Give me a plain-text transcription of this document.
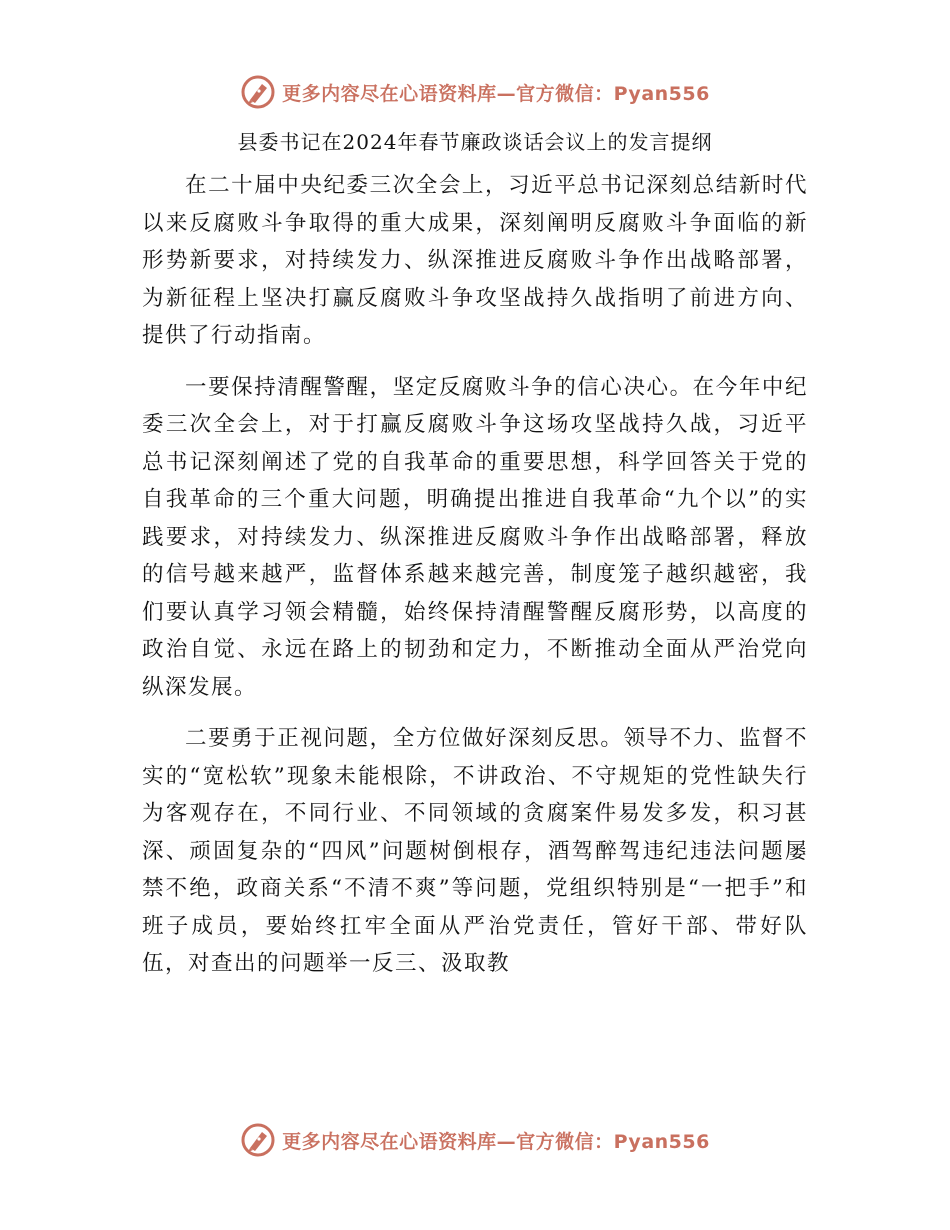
更多内容尽在心语资料库—官方微信：Pyan556
县委书记在2024年春节廉政谈话会议上的发言提纲

在二十届中央纪委三次全会上，习近平总书记深刻总结新时代以来反腐败斗争取得的重大成果，深刻阐明反腐败斗争面临的新形势新要求，对持续发力、纵深推进反腐败斗争作出战略部署，为新征程上坚决打赢反腐败斗争攻坚战持久战指明了前进方向、提供了行动指南。

一要保持清醒警醒，坚定反腐败斗争的信心决心。在今年中纪委三次全会上，对于打赢反腐败斗争这场攻坚战持久战，习近平总书记深刻阐述了党的自我革命的重要思想，科学回答关于党的自我革命的三个重大问题，明确提出推进自我革命“九个以”的实践要求，对持续发力、纵深推进反腐败斗争作出战略部署，释放的信号越来越严，监督体系越来越完善，制度笼子越织越密，我们要认真学习领会精髓，始终保持清醒警醒反腐形势，以高度的政治自觉、永远在路上的韧劲和定力，不断推动全面从严治党向纵深发展。

二要勇于正视问题，全方位做好深刻反思。领导不力、监督不实的“宽松软”现象未能根除，不讲政治、不守规矩的党性缺失行为客观存在，不同行业、不同领域的贪腐案件易发多发，积习甚深、顽固复杂的“四风”问题树倒根存，酒驾醉驾违纪违法问题屡禁不绝，政商关系“不清不爽”等问题，党组织特别是“一把手”和班子成员，要始终扛牢全面从严治党责任，管好干部、带好队伍，对查出的问题举一反三、汲取教

更多内容尽在心语资料库—官方微信：Pyan556
